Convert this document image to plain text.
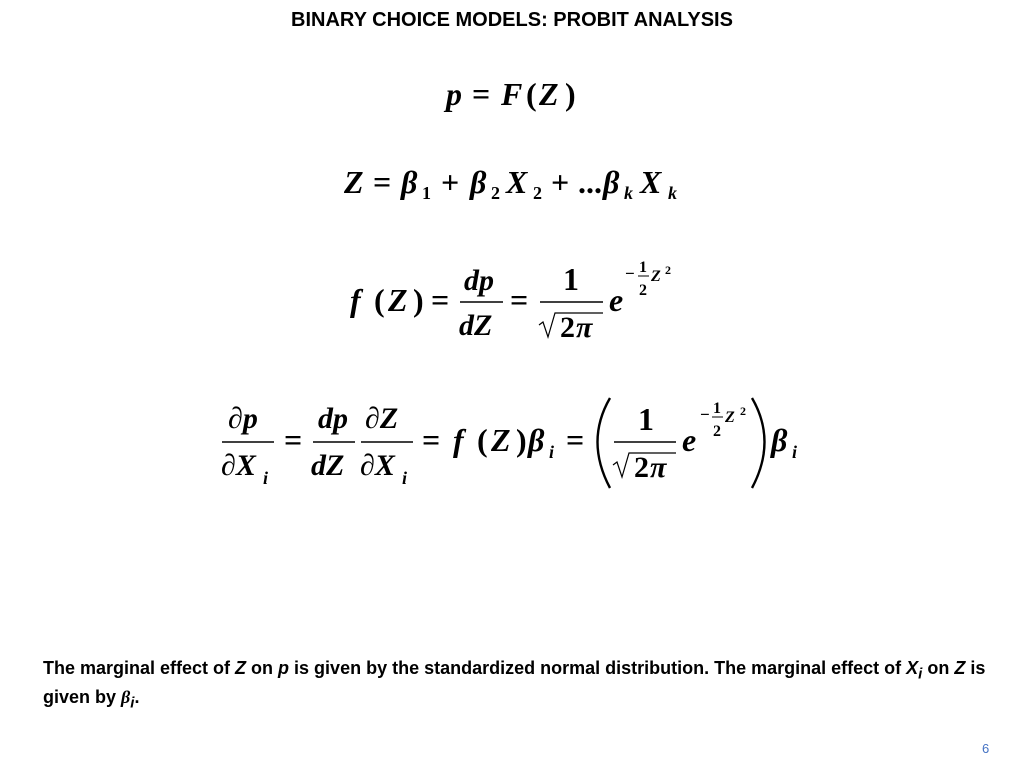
BINARY CHOICE MODELS: PROBIT ANALYSIS
p = F ( Z )
Z = β 1 + β 2 X 2 + ... β k X k
f ( Z ) =
dp
dZ
=
1
2 π
e
− 1
2
Z 2
∂p
∂X i
=
dp
dZ
∂Z
∂X i
= f ( Z ) β i =
1
2 π
e
− 1
2
Z 2
β i
The marginal effect of Z on p is given by the standardized normal distribution. The marginal effect of $X_i$ on Z is given by $\beta_i$.
6
